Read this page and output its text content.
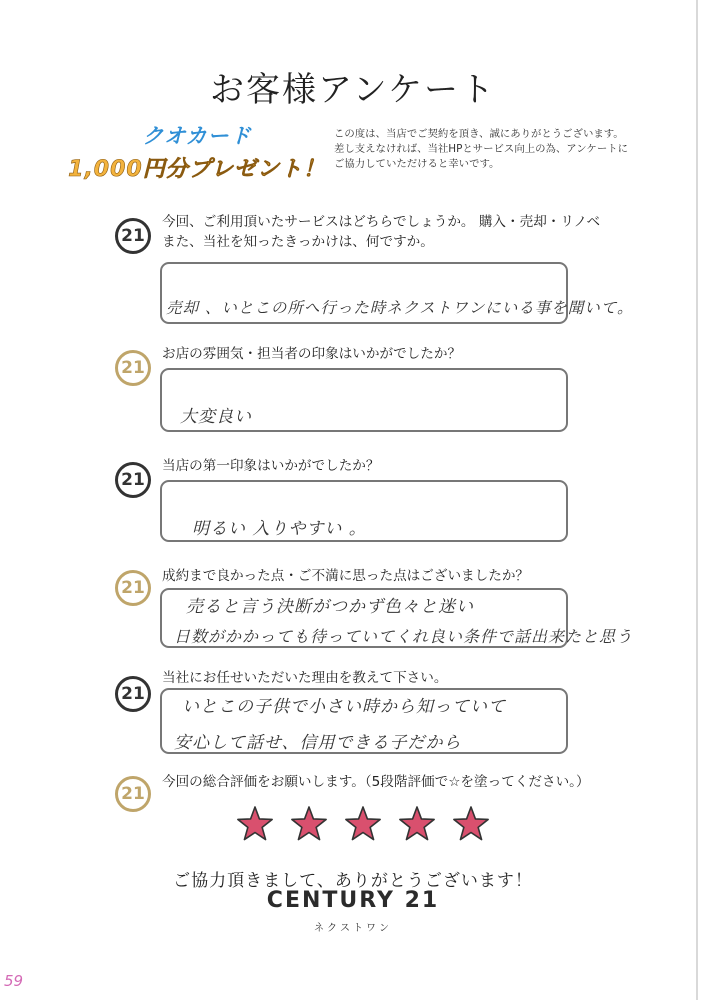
お客様アンケート
クオカード
1,000円分プレゼント！
この度は、当店でご契約を頂き、誠にありがとうございます。
差し支えなければ、当社HPとサービス向上の為、アンケートに
ご協力していただけると幸いです。
21
今回、ご利用頂いたサービスはどちらでしょうか。 購入・売却・リノベ
また、当社を知ったきっかけは、何ですか。
売却 、いとこの所へ行った時ネクストワンにいる事を聞いて。
21
お店の雰囲気・担当者の印象はいかがでしたか？
大変良い
21
当店の第一印象はいかがでしたか？
明るい 入りやすい 。
21
成約まで良かった点・ご不満に思った点はございましたか？
売ると言う決断がつかず色々と迷い
日数がかかっても待っていてくれ良い条件で話出来たと思う
21
当社にお任せいただいた理由を教えて下さい。
いとこの子供で小さい時から知っていて
安心して話せ、信用できる子だから
21
今回の総合評価をお願いします。（5段階評価で☆を塗ってください。）
ご協力頂きまして、ありがとうございます！
CENTURY 21
ネクストワン
59
